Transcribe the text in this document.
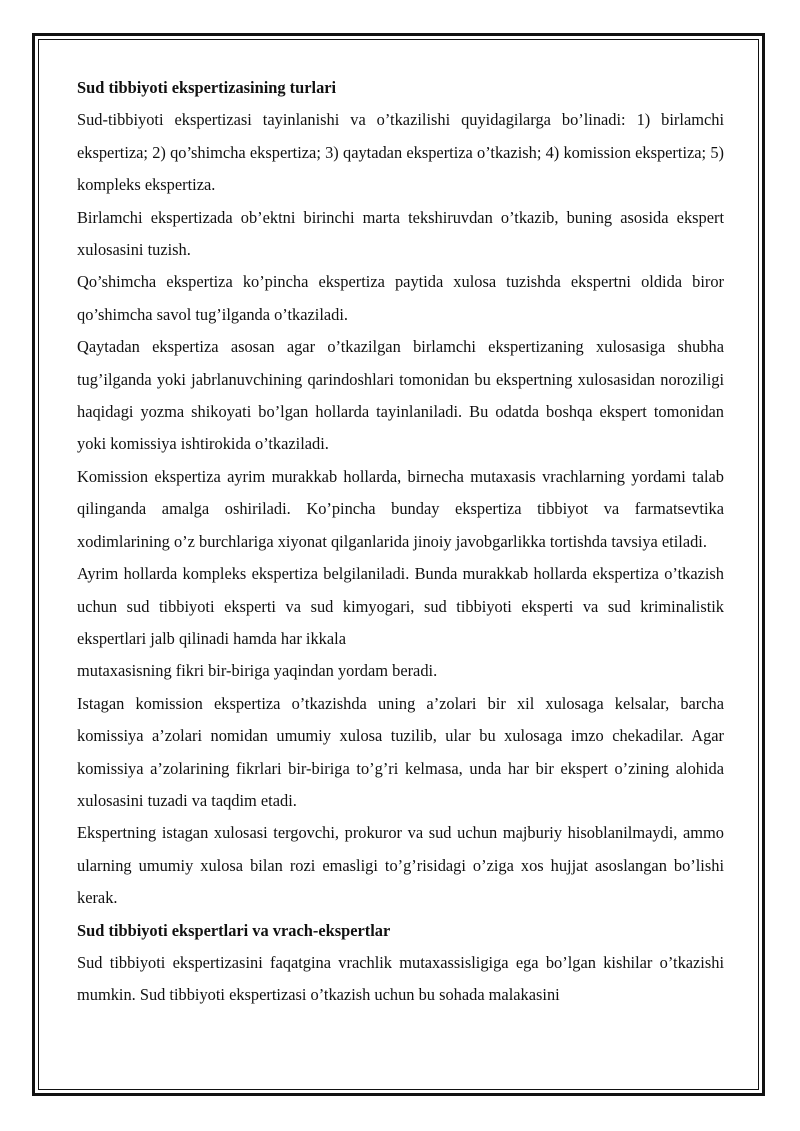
Sud tibbiyoti ekspertizasining turlari

Sud-tibbiyoti ekspertizasi tayinlanishi va o’tkazilishi quyidagilarga bo’linadi: 1) birlamchi ekspertiza; 2) qo’shimcha ekspertiza; 3) qaytadan ekspertiza o’tkazish; 4) komission ekspertiza; 5) kompleks ekspertiza.

Birlamchi ekspertizada ob’ektni birinchi marta tekshiruvdan o’tkazib, buning asosida ekspert xulosasini tuzish.

Qo’shimcha ekspertiza ko’pincha ekspertiza paytida xulosa tuzishda ekspertni oldida biror qo’shimcha savol tug’ilganda o’tkaziladi.

Qaytadan ekspertiza asosan agar o’tkazilgan birlamchi ekspertizaning xulosasiga shubha tug’ilganda yoki jabrlanuvchining qarindoshlari tomonidan bu ekspertning xulosasidan noroziligi haqidagi yozma shikoyati bo’lgan hollarda tayinlaniladi. Bu odatda boshqa ekspert tomonidan yoki komissiya ishtirokida o’tkaziladi.

Komission ekspertiza ayrim murakkab hollarda, birnecha mutaxasis vrachlarning yordami talab qilinganda amalga oshiriladi. Ko’pincha bunday ekspertiza tibbiyot va farmatsevtika xodimlarining o’z burchlariga xiyonat qilganlarida jinoiy javobgarlikka tortishda tavsiya etiladi.

Ayrim hollarda kompleks ekspertiza belgilaniladi. Bunda murakkab hollarda ekspertiza o’tkazish uchun sud tibbiyoti eksperti va sud kimyogari, sud tibbiyoti eksperti va sud kriminalistik ekspertlari jalb qilinadi hamda har ikkala

mutaxasisning fikri bir-biriga yaqindan yordam beradi.

Istagan komission ekspertiza o’tkazishda uning a’zolari bir xil xulosaga kelsalar, barcha komissiya a’zolari nomidan umumiy xulosa tuzilib, ular bu xulosaga imzo chekadilar. Agar komissiya a’zolarining fikrlari bir-biriga to’g’ri kelmasa, unda har bir ekspert o’zining alohida xulosasini tuzadi va taqdim etadi.

Ekspertning istagan xulosasi tergovchi, prokuror va sud uchun majburiy hisoblanilmaydi, ammo ularning umumiy xulosa bilan rozi emasligi to’g’risidagi o’ziga xos hujjat asoslangan bo’lishi kerak.

Sud tibbiyoti ekspertlari va vrach-ekspertlar

Sud tibbiyoti ekspertizasini faqatgina vrachlik mutaxassisligiga ega bo’lgan kishilar o’tkazishi mumkin. Sud tibbiyoti ekspertizasi o’tkazish uchun bu sohada malakasini
